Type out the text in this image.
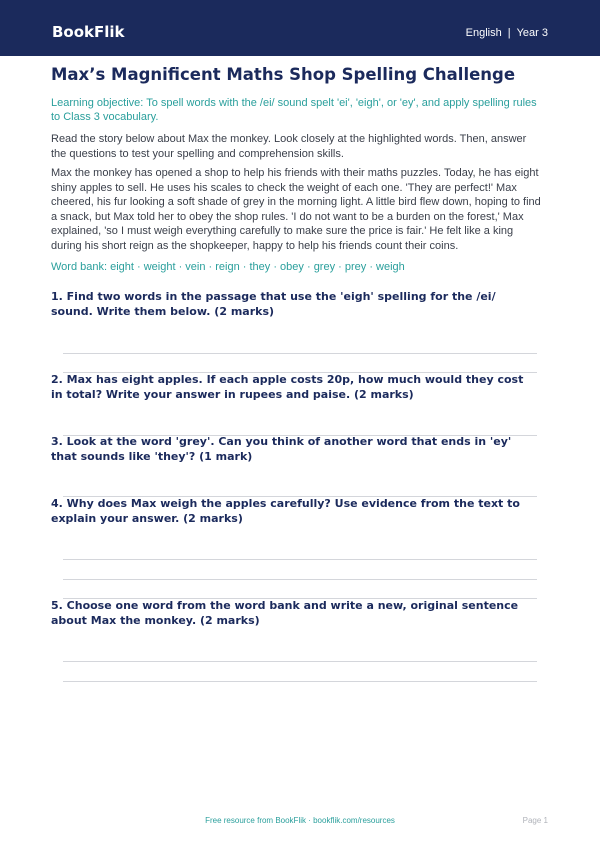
BookFlik	English | Year 3
Max’s Magnificent Maths Shop Spelling Challenge
Learning objective: To spell words with the /ei/ sound spelt 'ei', 'eigh', or 'ey', and apply spelling rules to Class 3 vocabulary.
Read the story below about Max the monkey. Look closely at the highlighted words. Then, answer the questions to test your spelling and comprehension skills.
Max the monkey has opened a shop to help his friends with their maths puzzles. Today, he has eight shiny apples to sell. He uses his scales to check the weight of each one. 'They are perfect!' Max cheered, his fur looking a soft shade of grey in the morning light. A little bird flew down, hoping to find a snack, but Max told her to obey the shop rules. 'I do not want to be a burden on the forest,' Max explained, 'so I must weigh everything carefully to make sure the price is fair.' He felt like a king during his short reign as the shopkeeper, happy to help his friends count their coins.
Word bank: eight · weight · vein · reign · they · obey · grey · prey · weigh
1. Find two words in the passage that use the 'eigh' spelling for the /ei/ sound. Write them below. (2 marks)
2. Max has eight apples. If each apple costs 20p, how much would they cost in total? Write your answer in rupees and paise. (2 marks)
3. Look at the word 'grey'. Can you think of another word that ends in 'ey' that sounds like 'they'? (1 mark)
4. Why does Max weigh the apples carefully? Use evidence from the text to explain your answer. (2 marks)
5. Choose one word from the word bank and write a new, original sentence about Max the monkey. (2 marks)
Free resource from BookFlik · bookflik.com/resources	Page 1
